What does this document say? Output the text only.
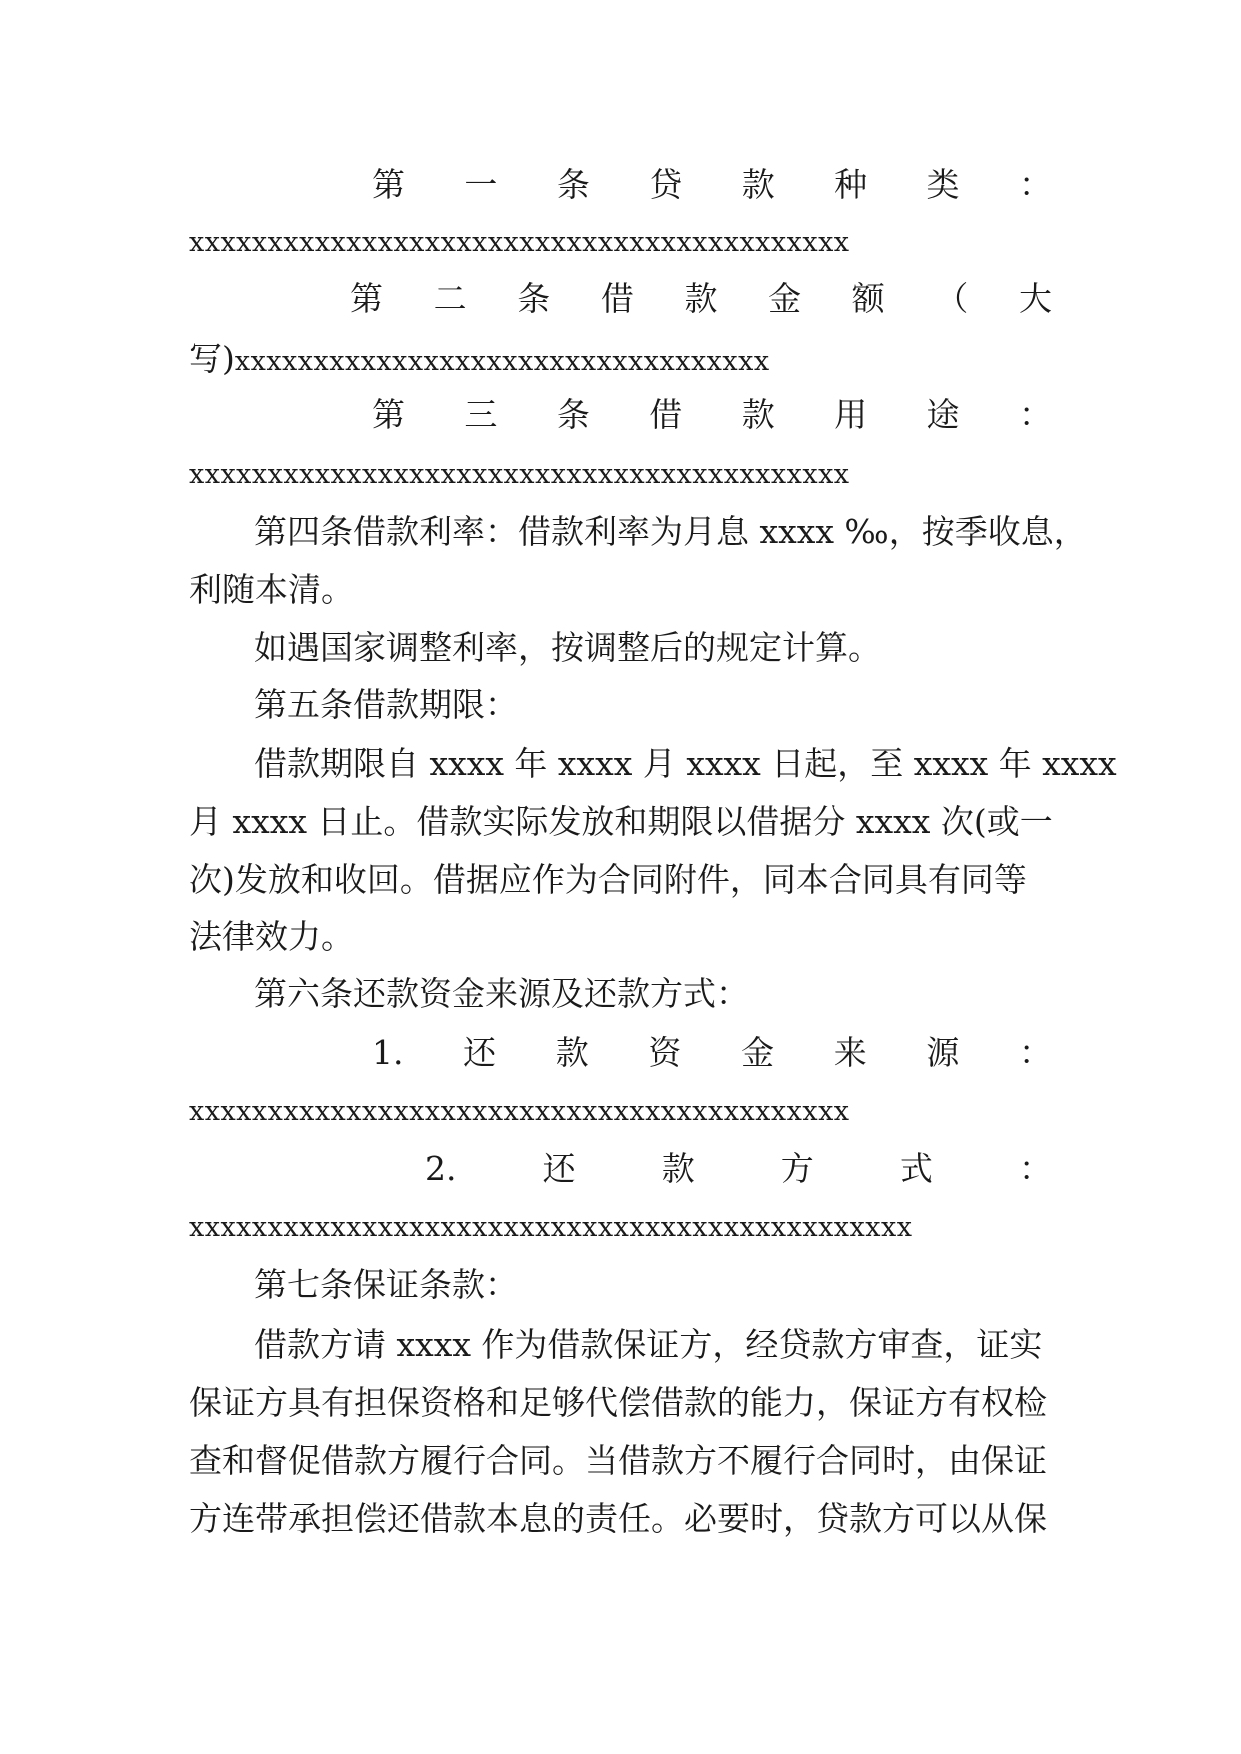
第 一 条 贷 款 种 类 ：

xxxxxxxxxxxxxxxxxxxxxxxxxxxxxxxxxxxxxxxxxx

第 二 条 借 款 金 额 （ 大

写)xxxxxxxxxxxxxxxxxxxxxxxxxxxxxxxxxx

第 三 条 借 款 用 途 ：

xxxxxxxxxxxxxxxxxxxxxxxxxxxxxxxxxxxxxxxxxx

第四条借款利率：借款利率为月息 xxxx ‰，按季收息，

利随本清。

如遇国家调整利率，按调整后的规定计算。

第五条借款期限：

借款期限自 xxxx 年 xxxx 月 xxxx 日起，至 xxxx 年 xxxx

月 xxxx 日止。借款实际发放和期限以借据分 xxxx 次(或一

次)发放和收回。借据应作为合同附件，同本合同具有同等

法律效力。

第六条还款资金来源及还款方式：

1. 还 款 资 金 来 源 ：

xxxxxxxxxxxxxxxxxxxxxxxxxxxxxxxxxxxxxxxxxx

2.	还	款	方	式	：

xxxxxxxxxxxxxxxxxxxxxxxxxxxxxxxxxxxxxxxxxxxxxx

第七条保证条款：

借款方请 xxxx 作为借款保证方，经贷款方审查，证实

保证方具有担保资格和足够代偿借款的能力，保证方有权检

查和督促借款方履行合同。当借款方不履行合同时，由保证

方连带承担偿还借款本息的责任。必要时，贷款方可以从保
